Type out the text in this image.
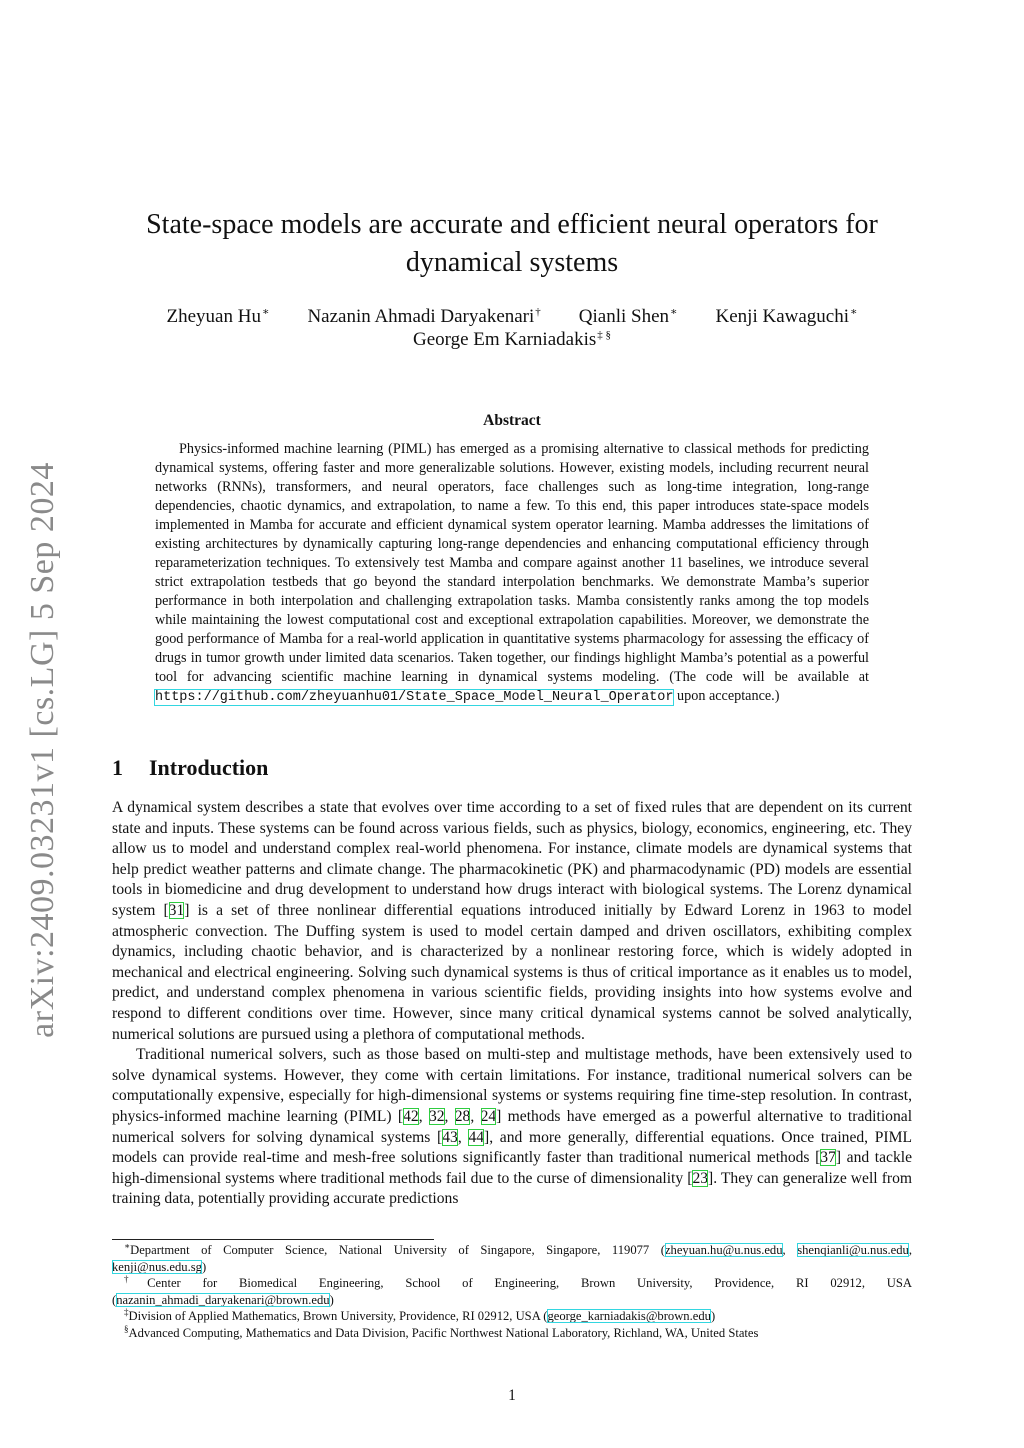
arXiv:2409.03231v1 [cs.LG] 5 Sep 2024
State-space models are accurate and efficient neural operators for dynamical systems
Zheyuan Hu∗ Nazanin Ahmadi Daryakenari† Qianli Shen∗ Kenji Kawaguchi∗
George Em Karniadakis‡ §
Abstract

Physics-informed machine learning (PIML) has emerged as a promising alternative to classical methods for predicting dynamical systems, offering faster and more generalizable solutions. However, existing models, including recurrent neural networks (RNNs), transformers, and neural operators, face challenges such as long-time integration, long-range dependencies, chaotic dynamics, and extrapolation, to name a few. To this end, this paper introduces state-space models implemented in Mamba for accurate and efficient dynamical system operator learning. Mamba addresses the limitations of existing architectures by dynamically capturing long-range dependencies and enhancing computational efficiency through reparameterization techniques. To extensively test Mamba and compare against another 11 baselines, we introduce several strict extrapolation testbeds that go beyond the standard interpolation benchmarks. We demonstrate Mamba’s superior performance in both interpolation and challenging extrapolation tasks. Mamba consistently ranks among the top models while maintaining the lowest computational cost and exceptional extrapolation capabilities. Moreover, we demonstrate the good performance of Mamba for a real-world application in quantitative systems pharmacology for assessing the efficacy of drugs in tumor growth under limited data scenarios. Taken together, our findings highlight Mamba’s potential as a powerful tool for advancing scientific machine learning in dynamical systems modeling. (The code will be available at https://github.com/zheyuanhu01/State_Space_Model_Neural_Operator upon acceptance.)

1 Introduction

A dynamical system describes a state that evolves over time according to a set of fixed rules that are dependent on its current state and inputs. These systems can be found across various fields, such as physics, biology, economics, engineering, etc. They allow us to model and understand complex real-world phenomena. For instance, climate models are dynamical systems that help predict weather patterns and climate change. The pharmacokinetic (PK) and pharmacodynamic (PD) models are essential tools in biomedicine and drug development to understand how drugs interact with biological systems. The Lorenz dynamical system [31] is a set of three nonlinear differential equations introduced initially by Edward Lorenz in 1963 to model atmospheric convection. The Duffing system is used to model certain damped and driven oscillators, exhibiting complex dynamics, including chaotic behavior, and is characterized by a nonlinear restoring force, which is widely adopted in mechanical and electrical engineering. Solving such dynamical systems is thus of critical importance as it enables us to model, predict, and understand complex phenomena in various scientific fields, providing insights into how systems evolve and respond to different conditions over time. However, since many critical dynamical systems cannot be solved analytically, numerical solutions are pursued using a plethora of computational methods.

Traditional numerical solvers, such as those based on multi-step and multistage methods, have been extensively used to solve dynamical systems. However, they come with certain limitations. For instance, traditional numerical solvers can be computationally expensive, especially for high-dimensional systems or systems requiring fine time-step resolution. In contrast, physics-informed machine learning (PIML) [42, 32, 28, 24] methods have emerged as a powerful alternative to traditional numerical solvers for solving dynamical systems [43, 44], and more generally, differential equations. Once trained, PIML models can provide real-time and mesh-free solutions significantly faster than traditional numerical methods [37] and tackle high-dimensional systems where traditional methods fail due to the curse of dimensionality [23]. They can generalize well from training data, potentially providing accurate predictions

∗Department of Computer Science, National University of Singapore, Singapore, 119077 (zheyuan.hu@u.nus.edu, shenqianli@u.nus.edu, kenji@nus.edu.sg)

†Center for Biomedical Engineering, School of Engineering, Brown University, Providence, RI 02912, USA

(nazanin_ahmadi_daryakenari@brown.edu)

‡Division of Applied Mathematics, Brown University, Providence, RI 02912, USA (george_karniadakis@brown.edu)

§Advanced Computing, Mathematics and Data Division, Pacific Northwest National Laboratory, Richland, WA, United States

1
